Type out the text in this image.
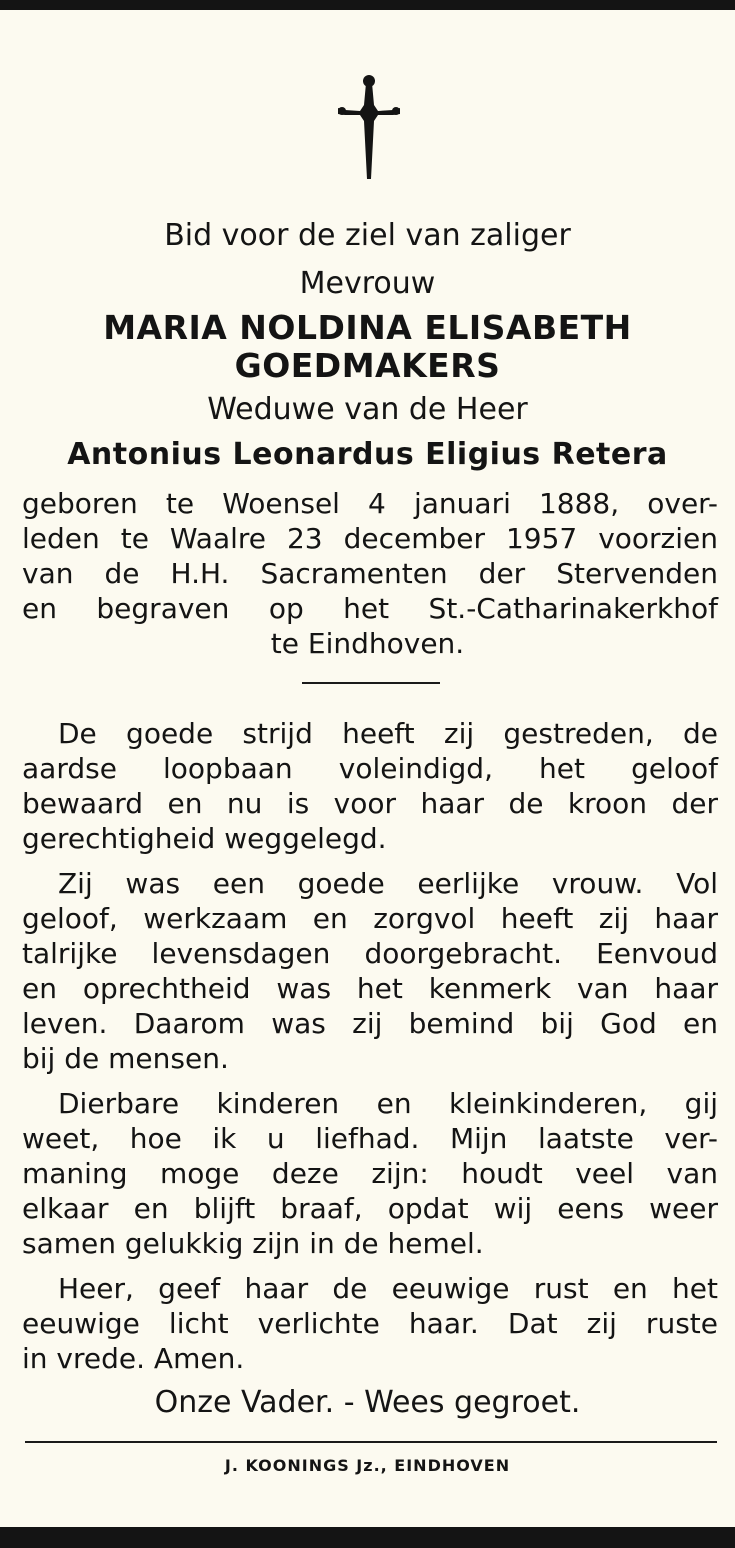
Bid voor de ziel van zaliger
Mevrouw
MARIA NOLDINA ELISABETH
GOEDMAKERS
Weduwe van de Heer
Antonius Leonardus Eligius Retera
geboren te Woensel 4 januari 1888, over-
leden te Waalre 23 december 1957 voorzien
van de H.H. Sacramenten der Stervenden
en begraven op het St.-Catharinakerkhof
te Eindhoven.
De goede strijd heeft zij gestreden, de
aardse loopbaan voleindigd, het geloof
bewaard en nu is voor haar de kroon der
gerechtigheid weggelegd.
Zij was een goede eerlijke vrouw. Vol
geloof, werkzaam en zorgvol heeft zij haar
talrijke levensdagen doorgebracht. Eenvoud
en oprechtheid was het kenmerk van haar
leven. Daarom was zij bemind bij God en
bij de mensen.
Dierbare kinderen en kleinkinderen, gij
weet, hoe ik u liefhad. Mijn laatste ver-
maning moge deze zijn: houdt veel van
elkaar en blijft braaf, opdat wij eens weer
samen gelukkig zijn in de hemel.
Heer, geef haar de eeuwige rust en het
eeuwige licht verlichte haar. Dat zij ruste
in vrede. Amen.
Onze Vader. - Wees gegroet.
J. KOONINGS Jz., EINDHOVEN
